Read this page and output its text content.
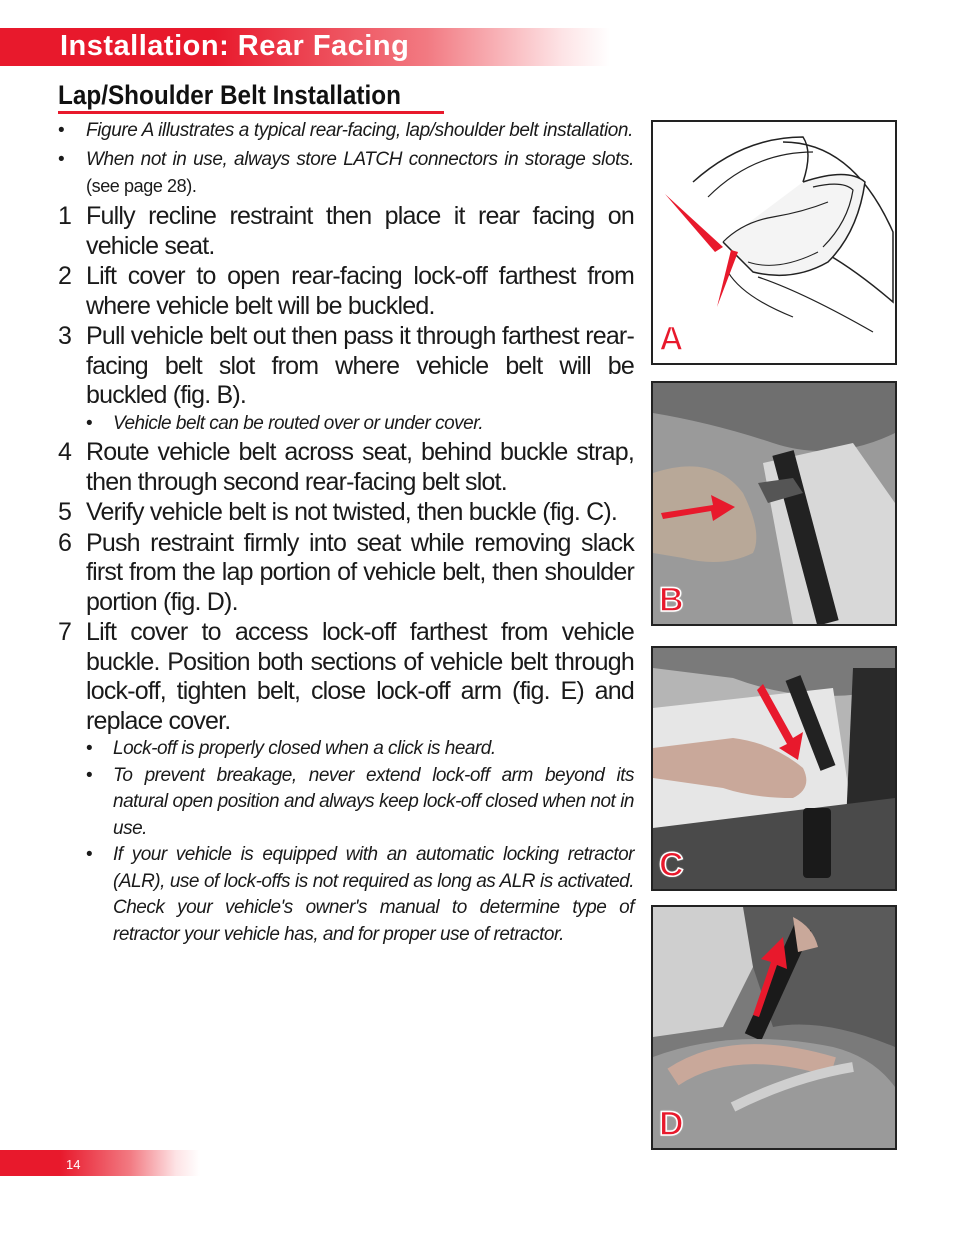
Installation: Rear Facing
Lap/Shoulder Belt Installation
• Figure A illustrates a typical rear-facing, lap/shoulder belt installation.
• When not in use, always store LATCH connectors in storage slots. (see page 28).
1 Fully recline restraint then place it rear facing on vehicle seat.
2 Lift cover to open rear-facing lock-off farthest from where vehicle belt will be buckled.
3 Pull vehicle belt out then pass it through farthest rear-facing belt slot from where vehicle belt will be buckled (fig. B).
• Vehicle belt can be routed over or under cover.
4 Route vehicle belt across seat, behind buckle strap, then through second rear-facing belt slot.
5 Verify vehicle belt is not twisted, then buckle (fig. C).
6 Push restraint firmly into seat while removing slack first from the lap portion of vehicle belt, then shoulder portion (fig. D).
7 Lift cover to access lock-off farthest from vehicle buckle. Position both sections of vehicle belt through lock-off, tighten belt, close lock-off arm (fig. E) and replace cover.
• Lock-off is properly closed when a click is heard.
• To prevent breakage, never extend lock-off arm beyond its natural open position and always keep lock-off closed when not in use.
• If your vehicle is equipped with an automatic locking retractor (ALR), use of lock-offs is not required as long as ALR is activated. Check your vehicle's owner's manual to determine type of retractor your vehicle has, and for proper use of retractor.
A
B
C
D
14
